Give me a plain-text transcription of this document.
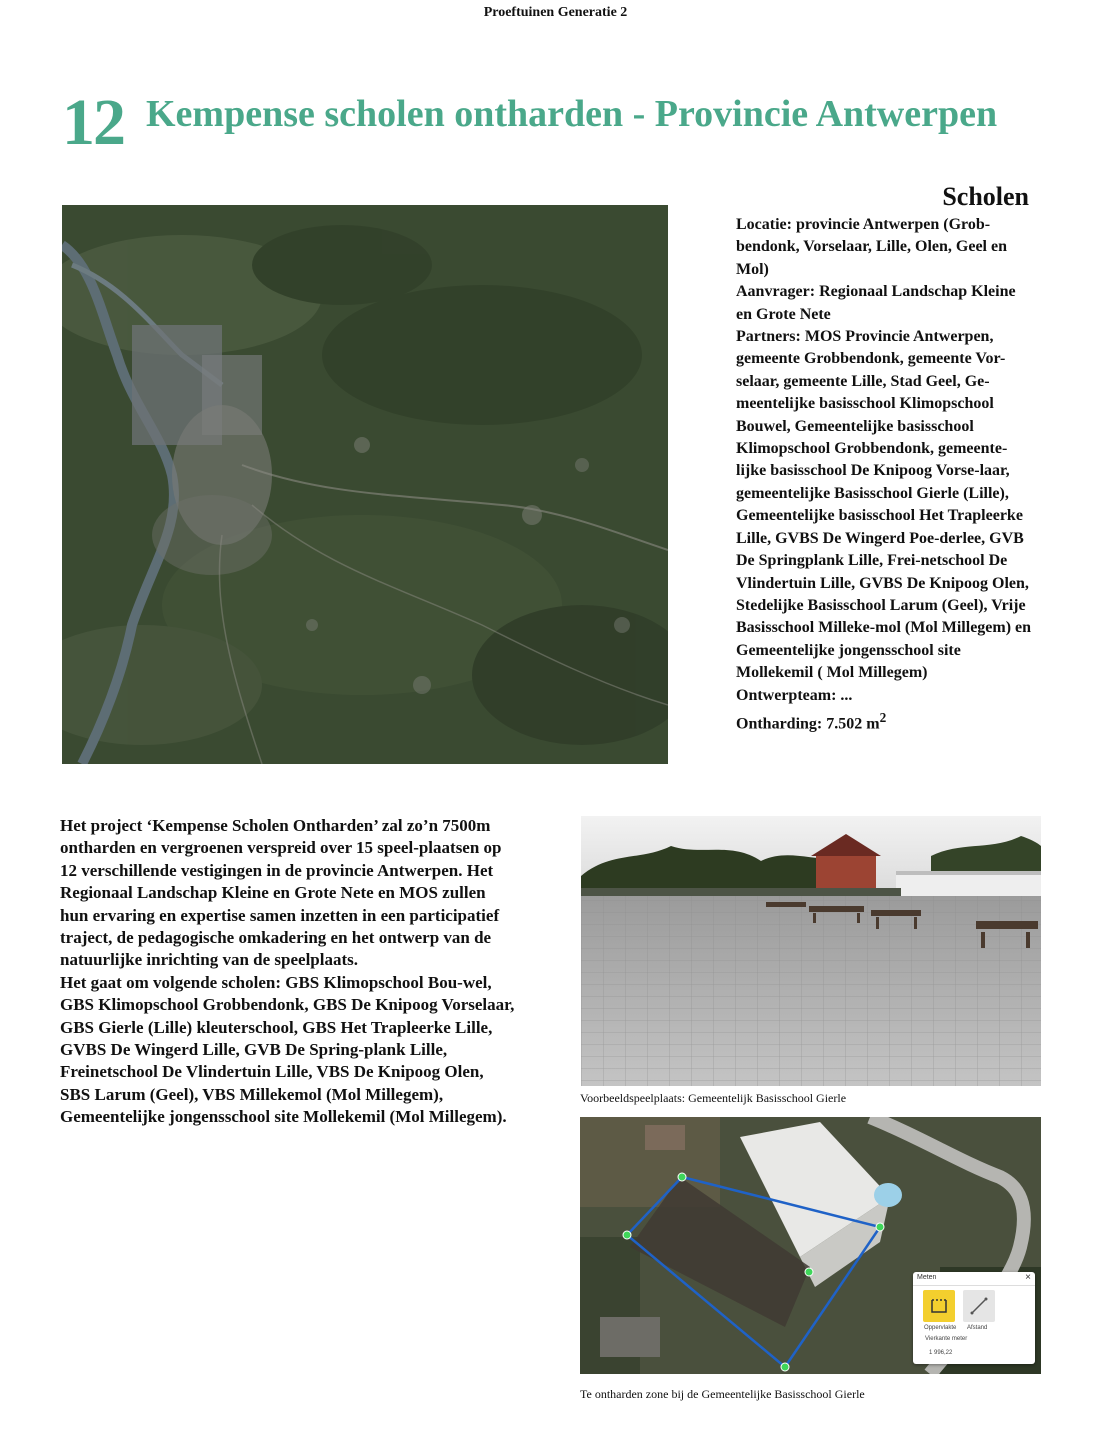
Proeftuinen Generatie 2
12 Kempense scholen ontharden - Provincie Antwerpen
Scholen

Locatie: provincie Antwerpen (Grob-bendonk, Vorselaar, Lille, Olen, Geel en Mol)

Aanvrager: Regionaal Landschap Kleine en Grote Nete

Partners: MOS Provincie Antwerpen, gemeente Grobbendonk, gemeente Vor-selaar, gemeente Lille, Stad Geel, Ge-meentelijke basisschool Klimopschool Bouwel, Gemeentelijke basisschool Klimopschool Grobbendonk, gemeente-lijke basisschool De Knipoog Vorse-laar, gemeentelijke Basisschool Gierle (Lille), Gemeentelijke basisschool Het Trapleerke Lille, GVBS De Wingerd Poe-derlee, GVB De Springplank Lille, Frei-netschool De Vlindertuin Lille, GVBS De Knipoog Olen, Stedelijke Basisschool Larum (Geel), Vrije Basisschool Milleke-mol (Mol Millegem) en Gemeentelijke jongensschool site Mollekemil ( Mol Millegem)

Ontwerpteam: ...

Ontharding: 7.502 $m^2$

Het project ‘Kempense Scholen Ontharden’ zal zo’n 7500m ontharden en vergroenen verspreid over 15 speel-plaatsen op 12 verschillende vestigingen in de provincie Antwerpen. Het Regionaal Landschap Kleine en Grote Nete en MOS zullen hun ervaring en expertise samen inzetten in een participatief traject, de pedagogische omkadering en het ontwerp van de natuurlijke inrichting van de speelplaats.

Het gaat om volgende scholen: GBS Klimopschool Bou-wel, GBS Klimopschool Grobbendonk, GBS De Knipoog Vorselaar, GBS Gierle (Lille) kleuterschool, GBS Het Trapleerke Lille, GVBS De Wingerd Lille, GVB De Spring-plank Lille, Freinetschool De Vlindertuin Lille, VBS De Knipoog Olen, SBS Larum (Geel), VBS Millekemol (Mol Millegem), Gemeentelijke jongensschool site Mollekemil (Mol Millegem).

Voorbeeldspeelplaats: Gemeentelijk Basisschool Gierle
Meten	×
Oppervlakte Afstand
Vierkante meter
1 996,22
Te ontharden zone bij de Gemeentelijke Basisschool Gierle
